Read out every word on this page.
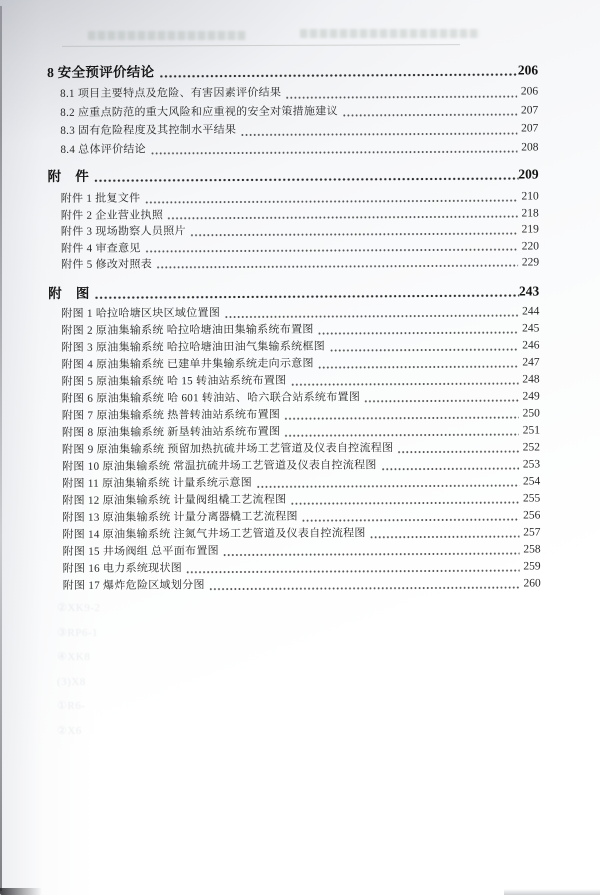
8 安全预评价结论	206
8.1 项目主要特点及危险、有害因素评价结果	206
8.2 应重点防范的重大风险和应重视的安全对策措施建议	207
8.3 固有危险程度及其控制水平结果	207
8.4 总体评价结论	208
附　件	209
附件 1 批复文件	210
附件 2 企业营业执照	218
附件 3 现场勘察人员照片	219
附件 4 审查意见	220
附件 5 修改对照表	229
附　图	243
附图 1 哈拉哈塘区块区域位置图	244
附图 2 原油集输系统 哈拉哈塘油田集输系统布置图	245
附图 3 原油集输系统 哈拉哈塘油田油气集输系统框图	246
附图 4 原油集输系统 已建单井集输系统走向示意图	247
附图 5 原油集输系统 哈 15 转油站系统布置图	248
附图 6 原油集输系统 哈 601 转油站、哈六联合站系统布置图	249
附图 7 原油集输系统 热普转油站系统布置图	250
附图 8 原油集输系统 新垦转油站系统布置图	251
附图 9 原油集输系统 预留加热抗硫井场工艺管道及仪表自控流程图	252
附图 10 原油集输系统 常温抗硫井场工艺管道及仪表自控流程图	253
附图 11 原油集输系统 计量系统示意图	254
附图 12 原油集输系统 计量阀组橇工艺流程图	255
附图 13 原油集输系统 计量分离器橇工艺流程图	256
附图 14 原油集输系统 注氮气井场工艺管道及仪表自控流程图	257
附图 15 井场阀组 总平面布置图	258
附图 16 电力系统现状图	259
附图 17 爆炸危险区域划分图	260
②XK9-2
③RP6-1
④XK8
(3)X8
①R6-
②X6
